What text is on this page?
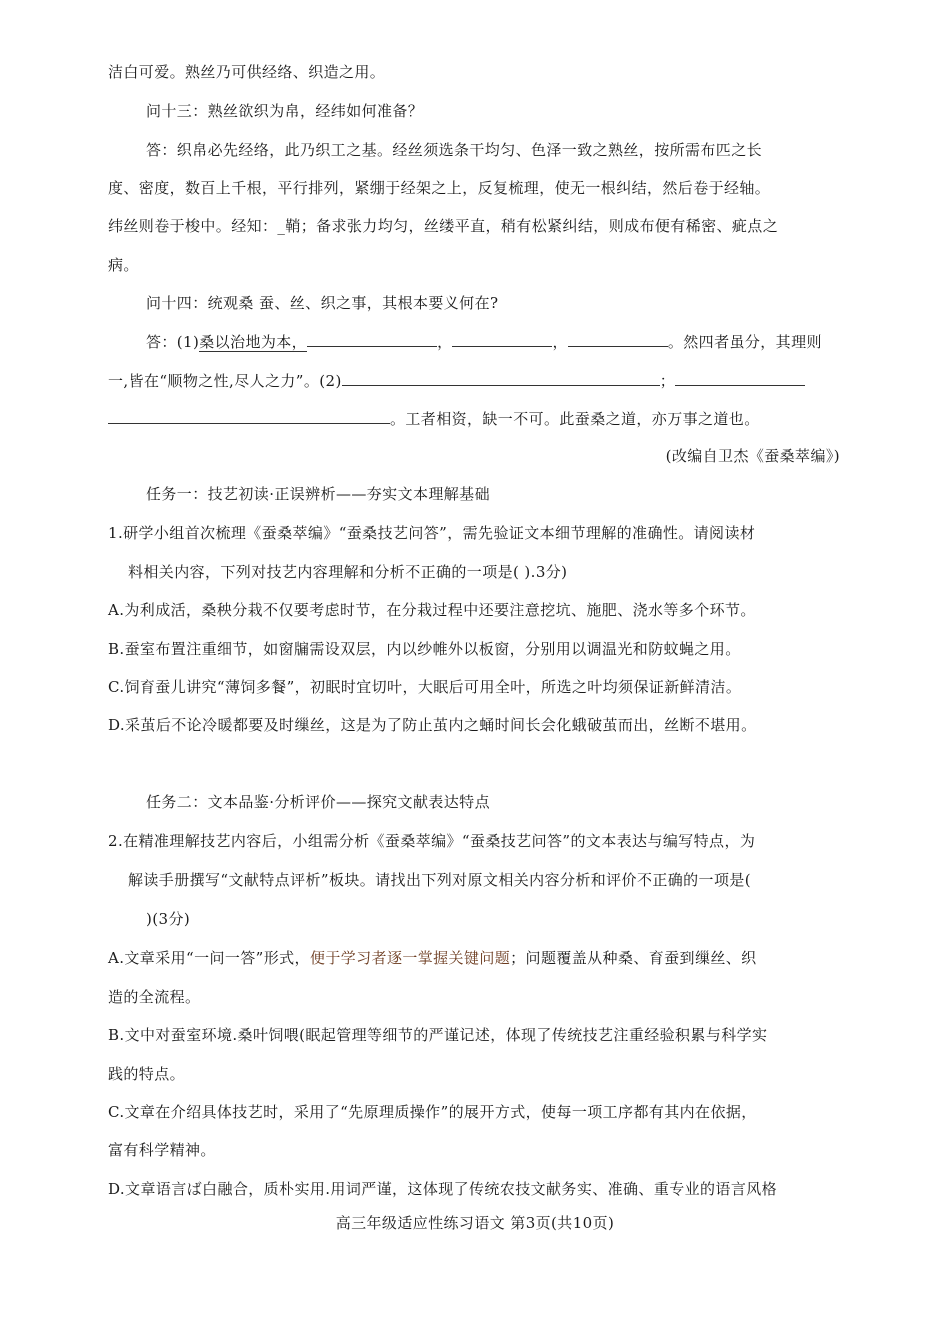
洁白可爱。熟丝乃可供经络、织造之用。
问十三：熟丝欲织为帛，经纬如何准备？
答：织帛必先经络，此乃织工之基。经丝须选条干均匀、色泽一致之熟丝，按所需布匹之长
度、密度，数百上千根，平行排列，紧绷于经架之上，反复梳理，使无一根纠结，然后卷于经轴。
纬丝则卷于梭中。经知：_鞘；备求张力均匀，丝缕平直，稍有松紧纠结，则成布便有稀密、疵点之
病。
问十四：统观桑 蚕、丝、织之事，其根本要义何在?
答：(1)桑以治地为本，	，	，	。然四者虽分，其理则
一,皆在“顺物之性,尽人之力”。(2)	；
。工者相资，缺一不可。此蚕桑之道，亦万事之道也。
(改编自卫杰《蚕桑萃编》)
任务一：技艺初读·正误辨析——夯实文本理解基础
1.研学小组首次梳理《蚕桑萃编》“蚕桑技艺问答”，需先验证文本细节理解的准确性。请阅读材
料相关内容，下列对技艺内容理解和分析不正确的一项是( ).3分)
A.为利成活，桑秧分栽不仅要考虑时节，在分栽过程中还要注意挖坑、施肥、浇水等多个环节。
B.蚕室布置注重细节，如窗牖需设双层，内以纱帷外以板窗，分别用以调温光和防蚊蝇之用。
C.饲育蚕儿讲究“薄饲多餐”，初眠时宜切叶，大眠后可用全叶，所选之叶均须保证新鲜清洁。
D.采茧后不论冷暖都要及时缫丝，这是为了防止茧内之蛹时间长会化蛾破茧而出，丝断不堪用。
任务二：文本品鉴·分析评价——探究文献表达特点
2.在精准理解技艺内容后，小组需分析《蚕桑萃编》“蚕桑技艺问答”的文本表达与编写特点，为
解读手册撰写“文献特点评析”板块。请找出下列对原文相关内容分析和评价不正确的一项是(
)(3分)
A.文章采用“一问一答”形式，便于学习者逐一掌握关键问题；问题覆盖从种桑、育蚕到缫丝、织
造的全流程。
B.文中对蚕室环境.桑叶饲喂(眠起管理等细节的严谨记述，体现了传统技艺注重经验积累与科学实
践的特点。
C.文章在介绍具体技艺时，采用了“先原理质操作”的展开方式，使每一项工序都有其内在依据，
富有科学精神。
D.文章语言ば白融合，质朴实用.用词严谨，这体现了传统农技文献务实、准确、重专业的语言风格
高三年级适应性练习语文 第3页(共10页)
